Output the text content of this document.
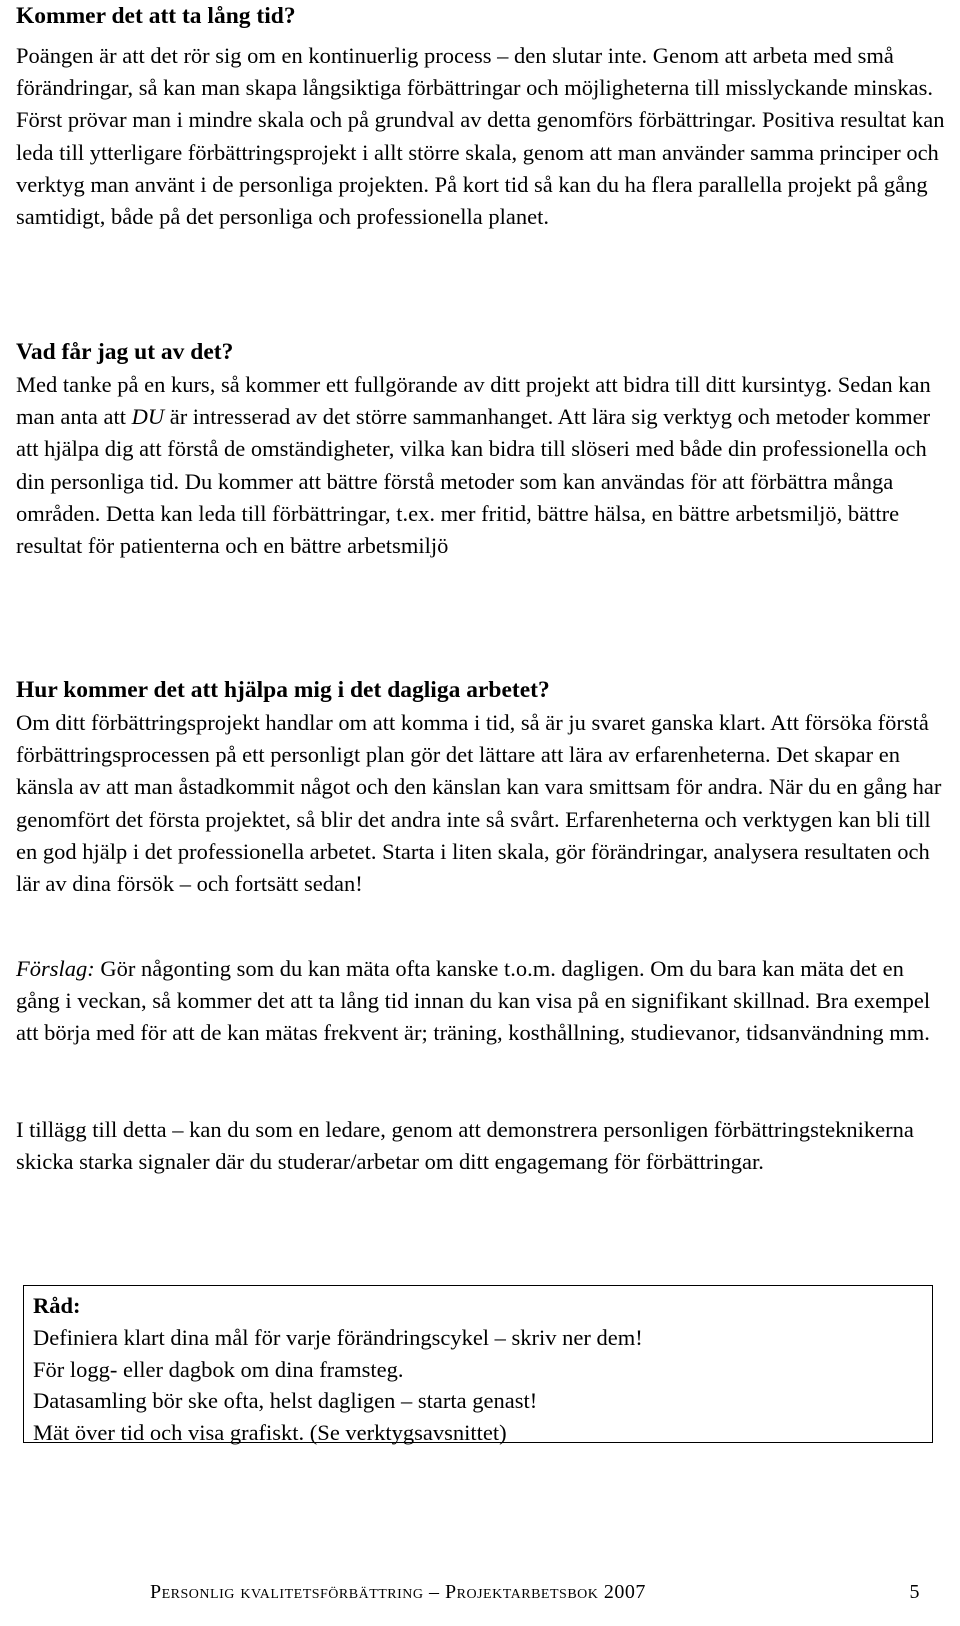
Kommer det att ta lång tid?

Poängen är att det rör sig om en kontinuerlig process – den slutar inte. Genom att arbeta med små förändringar, så kan man skapa långsiktiga förbättringar och möjligheterna till misslyckande minskas. Först prövar man i mindre skala och på grundval av detta genomförs förbättringar. Positiva resultat kan leda till ytterligare förbättringsprojekt i allt större skala, genom att man använder samma principer och verktyg man använt i de personliga projekten. På kort tid så kan du ha flera parallella projekt på gång samtidigt, både på det personliga och professionella planet.

Vad får jag ut av det?

Med tanke på en kurs, så kommer ett fullgörande av ditt projekt att bidra till ditt kursintyg. Sedan kan man anta att DU är intresserad av det större sammanhanget. Att lära sig verktyg och metoder kommer att hjälpa dig att förstå de omständigheter, vilka kan bidra till slöseri med både din professionella och din personliga tid. Du kommer att bättre förstå metoder som kan användas för att förbättra många områden. Detta kan leda till förbättringar, t.ex. mer fritid, bättre hälsa, en bättre arbetsmiljö, bättre resultat för patienterna och en bättre arbetsmiljö

Hur kommer det att hjälpa mig i det dagliga arbetet?

Om ditt förbättringsprojekt handlar om att komma i tid, så är ju svaret ganska klart. Att försöka förstå förbättringsprocessen på ett personligt plan gör det lättare att lära av erfarenheterna. Det skapar en känsla av att man åstadkommit något och den känslan kan vara smittsam för andra. När du en gång har genomfört det första projektet, så blir det andra inte så svårt. Erfarenheterna och verktygen kan bli till en god hjälp i det professionella arbetet. Starta i liten skala, gör förändringar, analysera resultaten och lär av dina försök – och fortsätt sedan!

Förslag: Gör någonting som du kan mäta ofta kanske t.o.m. dagligen. Om du bara kan mäta det en gång i veckan, så kommer det att ta lång tid innan du kan visa på en signifikant skillnad. Bra exempel att börja med för att de kan mätas frekvent är; träning, kosthållning, studievanor, tidsanvändning mm.

I tillägg till detta – kan du som en ledare, genom att demonstrera personligen förbättringsteknikerna skicka starka signaler där du studerar/arbetar om ditt engagemang för förbättringar.

Råd:
Definiera klart dina mål för varje förändringscykel – skriv ner dem!
För logg- eller dagbok om dina framsteg.
Datasamling bör ske ofta, helst dagligen – starta genast!
Mät över tid och visa grafiskt. (Se verktygsavsnittet)
Personlig kvalitetsförbättring – Projektarbetsbok 2007	5
